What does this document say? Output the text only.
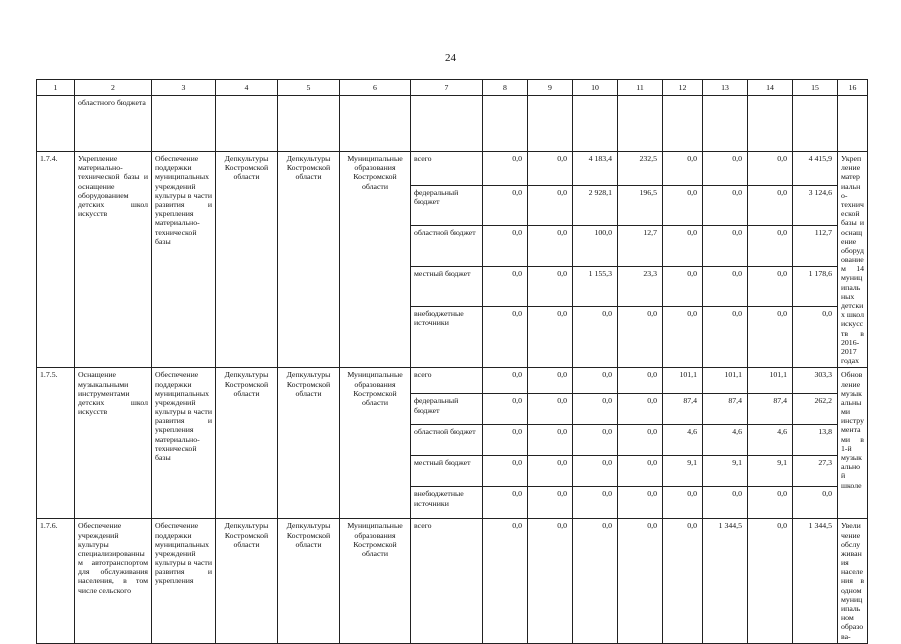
24
1	2	3	4	5	6	7	8	9	10	11	12	13	14	15	16
	областного бюджета														
1.7.4.	Укрепление материально-технической базы и оснащение оборудованием детских школ искусств	Обеспечение поддержки муниципальных учреждений культуры в части развития и укрепления материально-технической базы	Депкультуры Костромской области	Депкультуры Костромской области	Муниципальные образования Костромской области	всего	0,0	0,0	4 183,4	232,5	0,0	0,0	0,0	4 415,9	Укрепление материально-технической базы и оснащение оборудованием 14 муниципальных детских школ искусств в 2016-2017 годах
						федеральный бюджет	0,0	0,0	2 928,1	196,5	0,0	0,0	0,0	3 124,6	
						областной бюджет	0,0	0,0	100,0	12,7	0,0	0,0	0,0	112,7	
						местный бюджет	0,0	0,0	1 155,3	23,3	0,0	0,0	0,0	1 178,6	
						внебюджетные источники	0,0	0,0	0,0	0,0	0,0	0,0	0,0	0,0	
1.7.5.	Оснащение музыкальными инструментами детских школ искусств	Обеспечение поддержки муниципальных учреждений культуры в части развития и укрепления материально-технической базы	Депкультуры Костромской области	Депкультуры Костромской области	Муниципальные образования Костромской области	всего	0,0	0,0	0,0	0,0	101,1	101,1	101,1	303,3	Обновление музыкальными инструментами в 1-й музыкальной школе
						федеральный бюджет	0,0	0,0	0,0	0,0	87,4	87,4	87,4	262,2	
						областной бюджет	0,0	0,0	0,0	0,0	4,6	4,6	4,6	13,8	
						местный бюджет	0,0	0,0	0,0	0,0	9,1	9,1	9,1	27,3	
						внебюджетные источники	0,0	0,0	0,0	0,0	0,0	0,0	0,0	0,0	
1.7.6.	Обеспечение учреждений культуры специализированным автотранспортом для обслуживания населения, в том числе сельского	Обеспечение поддержки муниципальных учреждений культуры в части развития и укрепления	Депкультуры Костромской области	Депкультуры Костромской области	Муниципальные образования Костромской области	всего	0,0	0,0	0,0	0,0	0,0	1 344,5	0,0	1 344,5	Увеличение обслуживания населения в одном муниципальном образова-
